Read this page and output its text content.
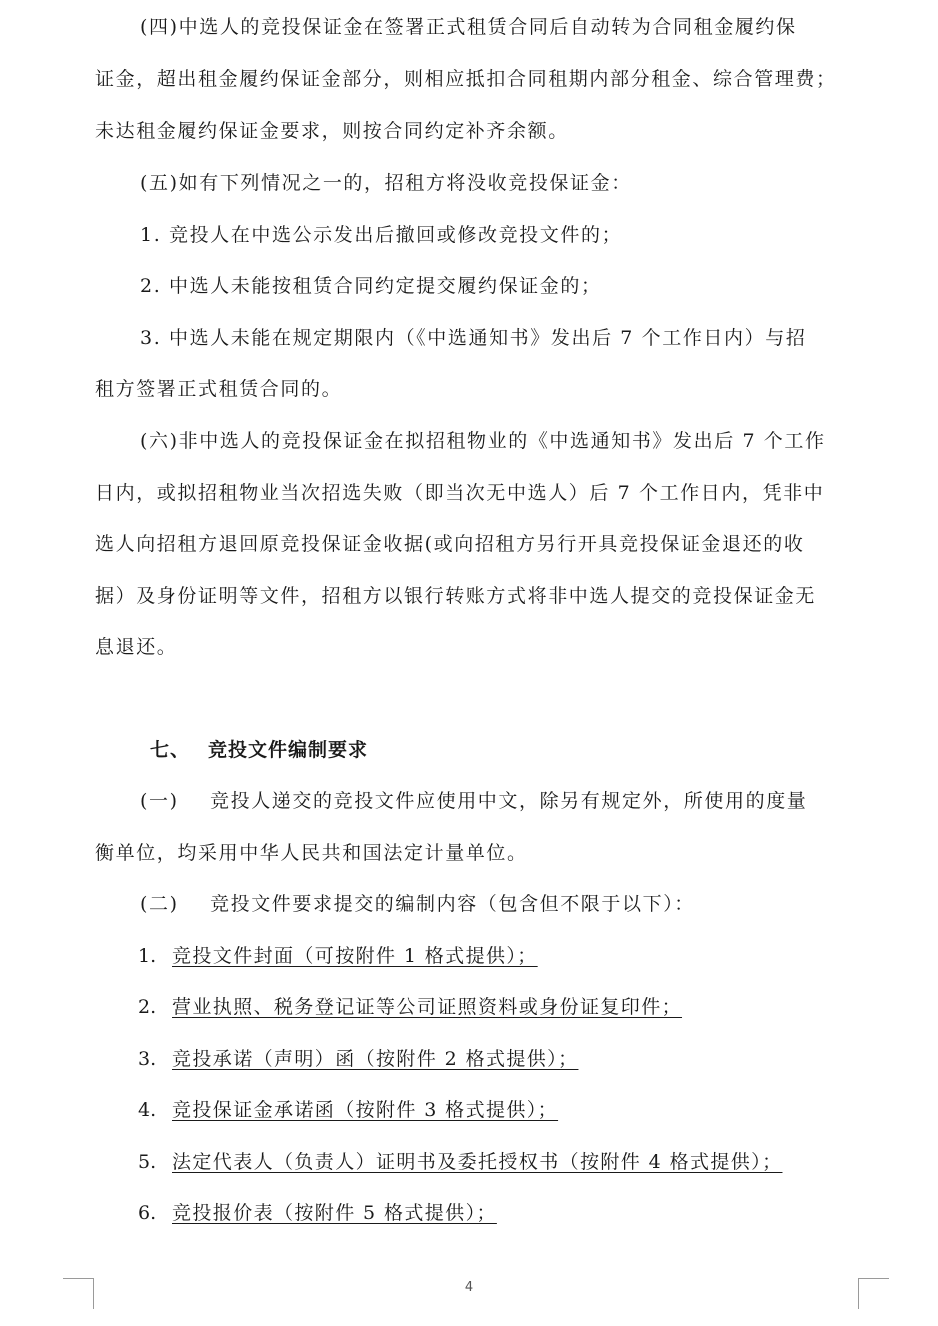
(四)中选人的竞投保证金在签署正式租赁合同后自动转为合同租金履约保
证金，超出租金履约保证金部分，则相应抵扣合同租期内部分租金、综合管理费；
未达租金履约保证金要求，则按合同约定补齐余额。
(五)如有下列情况之一的，招租方将没收竞投保证金：
1. 竞投人在中选公示发出后撤回或修改竞投文件的；
2. 中选人未能按租赁合同约定提交履约保证金的；
3. 中选人未能在规定期限内（《中选通知书》发出后 7 个工作日内）与招
租方签署正式租赁合同的。
(六)非中选人的竞投保证金在拟招租物业的《中选通知书》发出后 7 个工作
日内，或拟招租物业当次招选失败（即当次无中选人）后 7 个工作日内，凭非中
选人向招租方退回原竞投保证金收据(或向招租方另行开具竞投保证金退还的收
据）及身份证明等文件，招租方以银行转账方式将非中选人提交的竞投保证金无
息退还。
七、 竞投文件编制要求
(一) 竞投人递交的竞投文件应使用中文，除另有规定外，所使用的度量
衡单位，均采用中华人民共和国法定计量单位。
(二) 竞投文件要求提交的编制内容（包含但不限于以下）：
1. 竞投文件封面（可按附件 1 格式提供）；
2. 营业执照、税务登记证等公司证照资料或身份证复印件；
3. 竞投承诺（声明）函（按附件 2 格式提供）；
4. 竞投保证金承诺函（按附件 3 格式提供）；
5. 法定代表人（负责人）证明书及委托授权书（按附件 4 格式提供）；
6. 竞投报价表（按附件 5 格式提供）；
4
